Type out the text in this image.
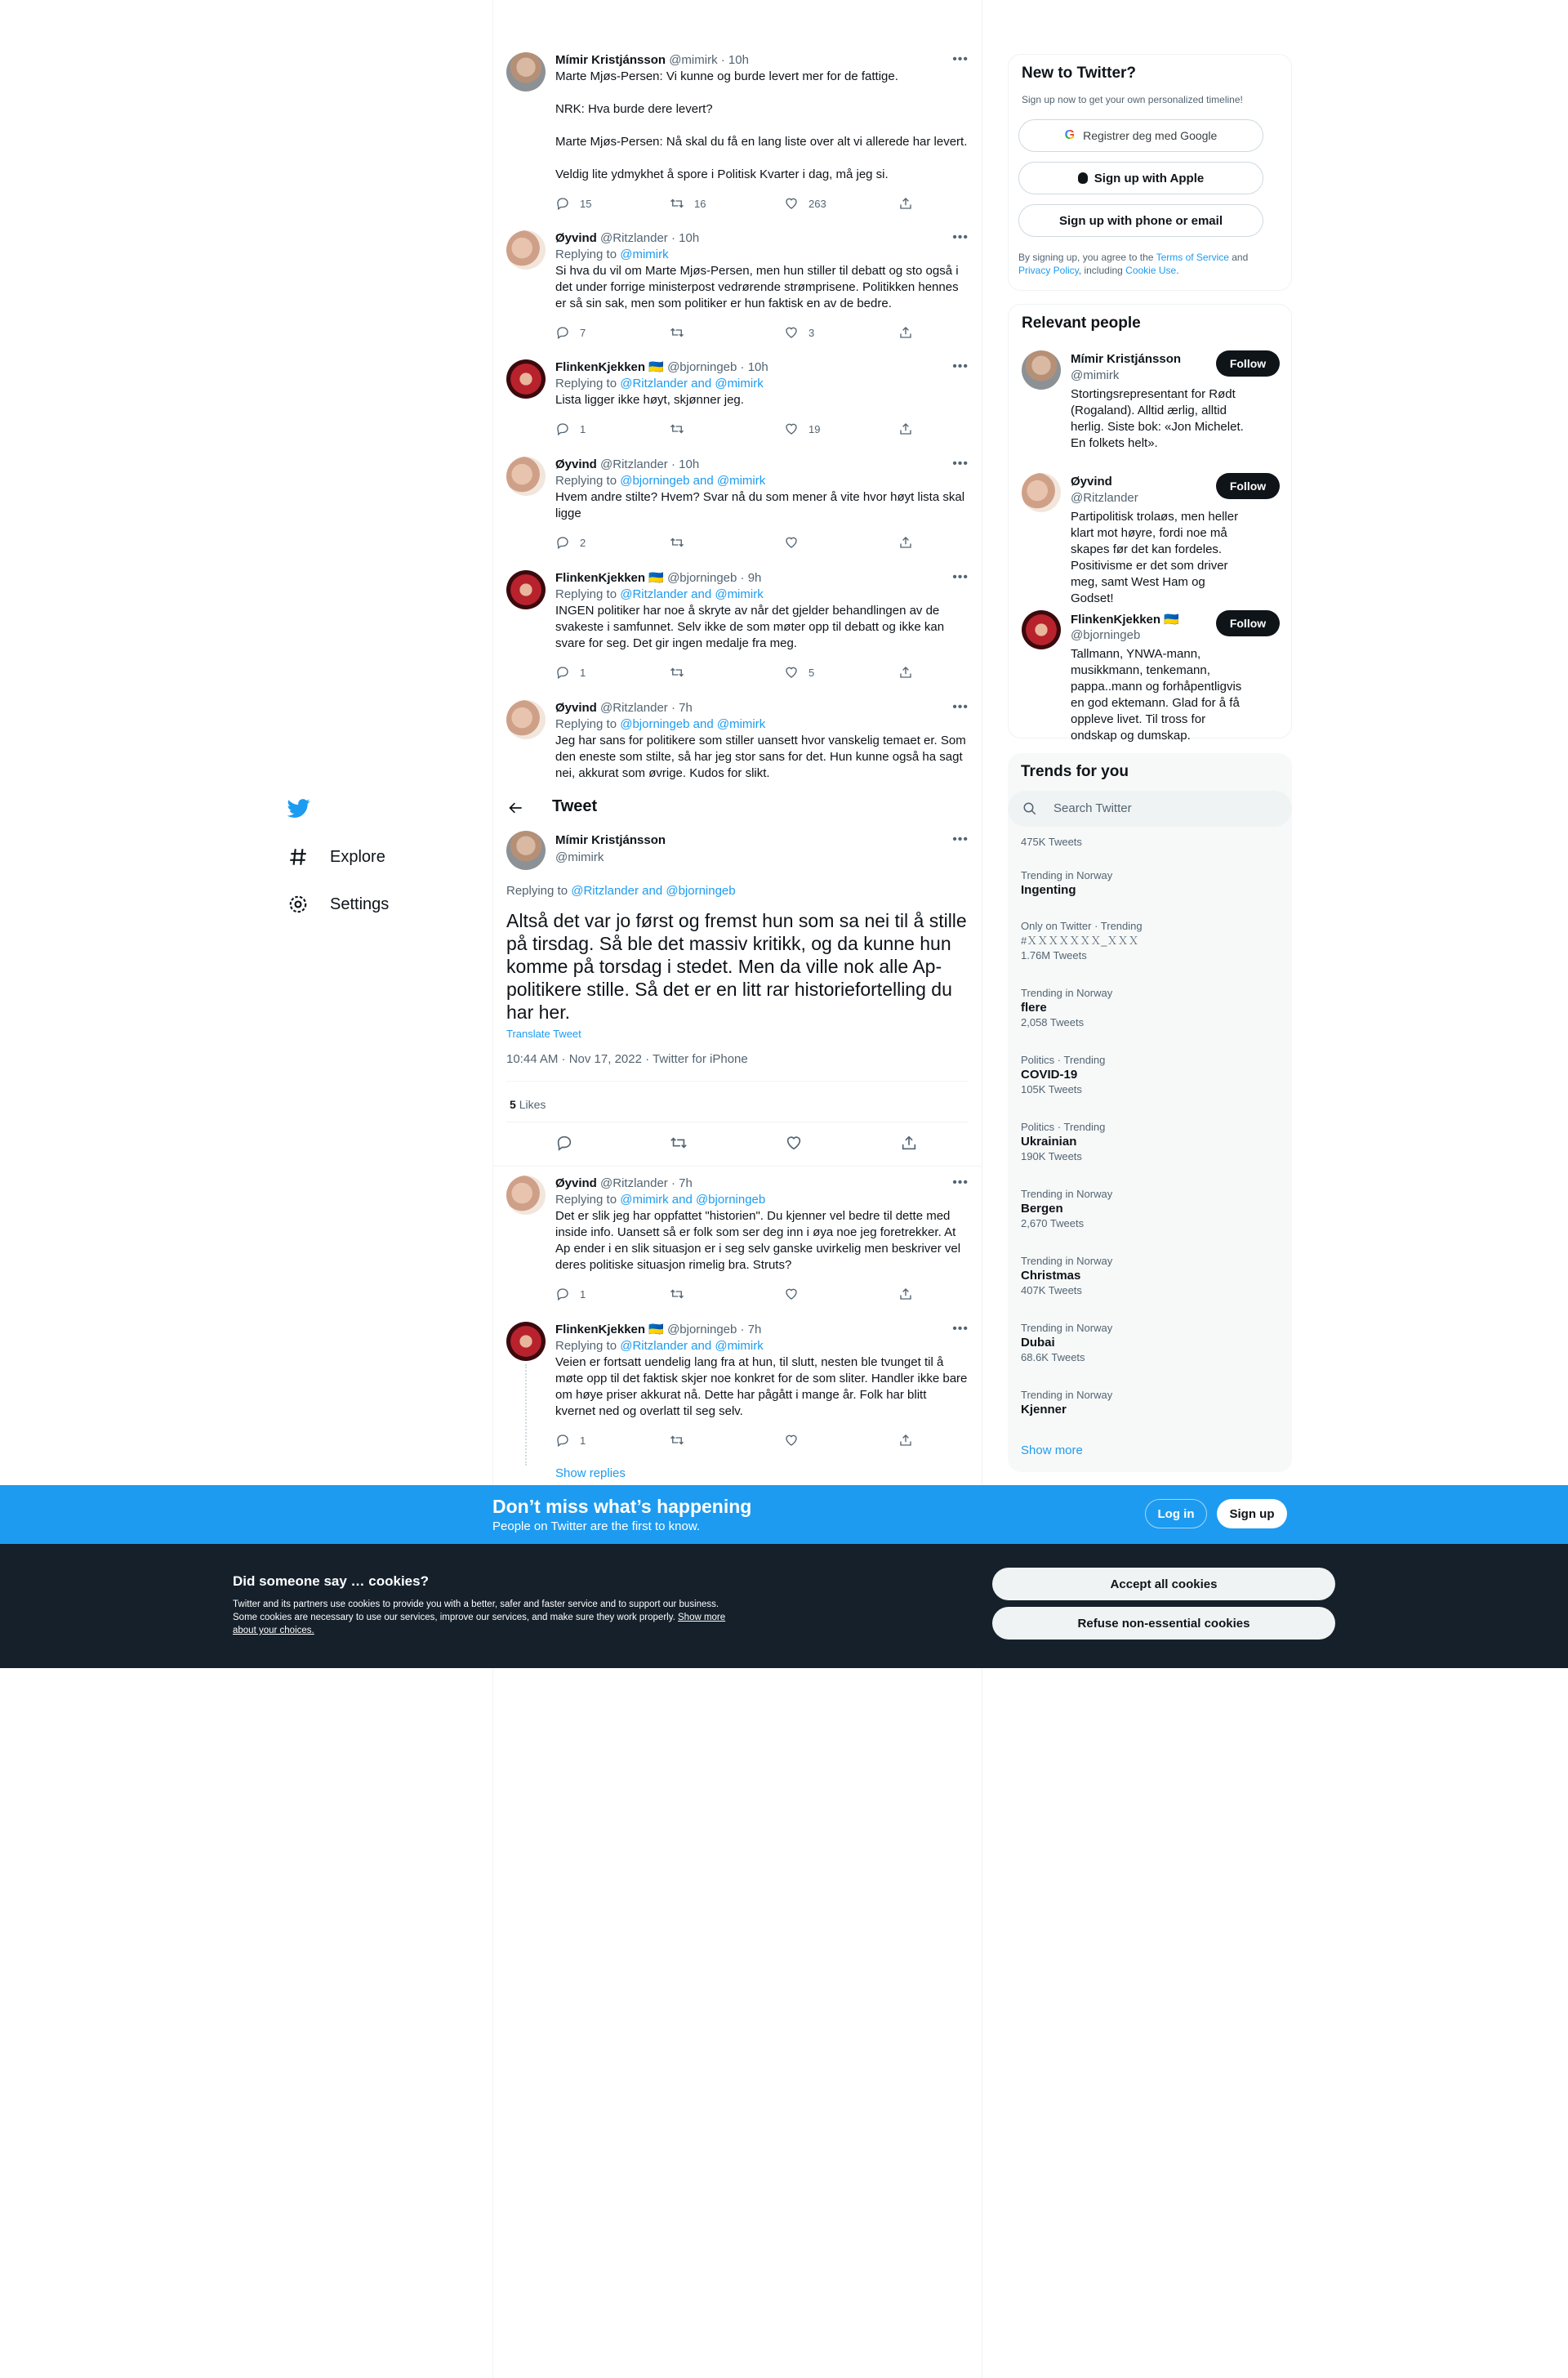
Explore
Settings
Mímir Kristjánsson @mimirk · 10h	•••
Marte Mjøs-Persen: Vi kunne og burde levert mer for de fattige.
NRK: Hva burde dere levert?
Marte Mjøs-Persen: Nå skal du få en lang liste over alt vi allerede har levert.
Veldig lite ydmykhet å spore i Politisk Kvarter i dag, må jeg si.
15	16	263
Øyvind @Ritzlander · 10h	•••
Replying to @mimirk
Si hva du vil om Marte Mjøs-Persen, men hun stiller til debatt og sto også i det under forrige ministerpost vedrørende strømprisene. Politikken hennes er så sin sak, men som politiker er hun faktisk en av de bedre.
7	3
FlinkenKjekken 🇺🇦 @bjorningeb · 10h	•••
Replying to @Ritzlander and @mimirk
Lista ligger ikke høyt, skjønner jeg.
1	19
Øyvind @Ritzlander · 10h	•••
Replying to @bjorningeb and @mimirk
Hvem andre stilte? Hvem? Svar nå du som mener å vite hvor høyt lista skal ligge
2
FlinkenKjekken 🇺🇦 @bjorningeb · 9h	•••
Replying to @Ritzlander and @mimirk
INGEN politiker har noe å skryte av når det gjelder behandlingen av de svakeste i samfunnet. Selv ikke de som møter opp til debatt og ikke kan svare for seg. Det gir ingen medalje fra meg.
1	5
Øyvind @Ritzlander · 7h	•••
Replying to @bjorningeb and @mimirk
Jeg har sans for politikere som stiller uansett hvor vanskelig temaet er. Som den eneste som stilte, så har jeg stor sans for det. Hun kunne også ha sagt nei, akkurat som øvrige. Kudos for slikt.
Tweet
Mímir Kristjánsson
@mimirk
•••
Replying to @Ritzlander and @bjorningeb
Altså det var jo først og fremst hun som sa nei til å stille på tirsdag. Så ble det massiv kritikk, og da kunne hun komme på torsdag i stedet. Men da ville nok alle Ap-politikere stille. Så det er en litt rar historiefortelling du har her.
Translate Tweet
10:44 AM · Nov 17, 2022 · Twitter for iPhone
5 Likes
Øyvind @Ritzlander · 7h	•••
Replying to @mimirk and @bjorningeb
Det er slik jeg har oppfattet "historien". Du kjenner vel bedre til dette med inside info. Uansett så er folk som ser deg inn i øya noe jeg foretrekker. At Ap ender i en slik situasjon er i seg selv ganske uvirkelig men beskriver vel deres politiske situasjon rimelig bra. Struts?
1
FlinkenKjekken 🇺🇦 @bjorningeb · 7h	•••
Replying to @Ritzlander and @mimirk
Veien er fortsatt uendelig lang fra at hun, til slutt, nesten ble tvunget til å møte opp til det faktisk skjer noe konkret for de som sliter. Handler ikke bare om høye priser akkurat nå. Dette har pågått i mange år. Folk har blitt kvernet ned og overlatt til seg selv.
1
Show replies
New to Twitter?
Sign up now to get your own personalized timeline!
G Registrer deg med Google
Sign up with Apple
Sign up with phone or email
By signing up, you agree to the Terms of Service and Privacy Policy, including Cookie Use.
Relevant people
Mímir Kristjánsson
@mimirk
Follow
Stortingsrepresentant for Rødt (Rogaland). Alltid ærlig, alltid herlig. Siste bok: «Jon Michelet. En folkets helt».
Øyvind
@Ritzlander
Follow
Partipolitisk trolaøs, men heller klart mot høyre, fordi noe må skapes før det kan fordeles. Positivisme er det som driver meg, samt West Ham og Godset!
FlinkenKjekken 🇺🇦
@bjorningeb
Follow
Tallmann, YNWA-mann, musikkmann, tenkemann, pappa..mann og forhåpentligvis en god ektemann. Glad for å få oppleve livet. Til tross for ondskap og dumskap.
Trends for you
Search Twitter
475K Tweets
Trending in Norway
Ingenting
Only on Twitter · Trending
#ＸＸＸＸＸＸＸ_ＸＸＸ
1.76M Tweets
Trending in Norway
flere
2,058 Tweets
Politics · Trending
COVID-19
105K Tweets
Politics · Trending
Ukrainian
190K Tweets
Trending in Norway
Bergen
2,670 Tweets
Trending in Norway
Christmas
407K Tweets
Trending in Norway
Dubai
68.6K Tweets
Trending in Norway
Kjenner
Show more
Don’t miss what’s happening
People on Twitter are the first to know.
Log in	Sign up
Did someone say … cookies?
Twitter and its partners use cookies to provide you with a better, safer and faster service and to support our business. Some cookies are necessary to use our services, improve our services, and make sure they work properly. Show more about your choices.
Accept all cookies
Refuse non-essential cookies
